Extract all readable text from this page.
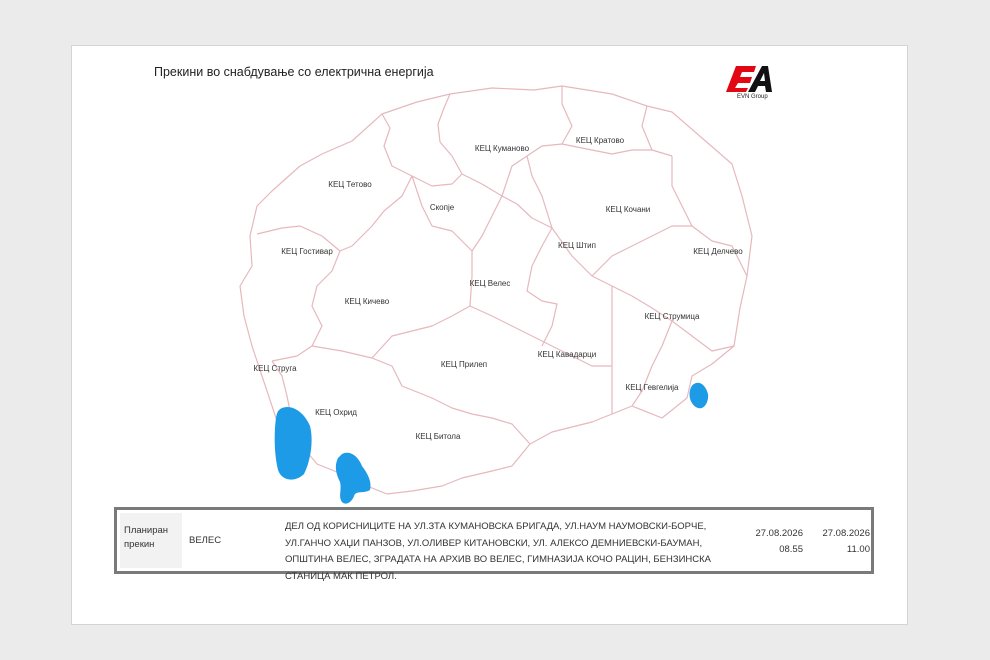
Прекини во снабдување со електрична енергија
EVN Group
КЕЦ Куманово
КЕЦ Кратово
КЕЦ Тетово
Скопје	КЕЦ Кочани
КЕЦ Гостивар
КЕЦ Штип
КЕЦ Делчево
КЕЦ Велес
КЕЦ Кичево
КЕЦ Струмица
КЕЦ Кавадарци
КЕЦ Прилеп
КЕЦ Струга
КЕЦ Гевгелија
КЕЦ Охрид
КЕЦ Битола
Планиран прекин	ВЕЛЕС
ДЕЛ ОД КОРИСНИЦИТЕ НА УЛ.ЗТА КУМАНОВСКА БРИГАДА, УЛ.НАУМ НАУМОВСКИ-БОРЧЕ, УЛ.ГАНЧО ХАЏИ ПАНЗОВ, УЛ.ОЛИВЕР КИТАНОВСКИ, УЛ. АЛЕКСО ДЕМНИЕВСКИ-БАУМАН, ОПШТИНА ВЕЛЕС, ЗГРАДАТА НА АРХИВ ВО ВЕЛЕС, ГИМНАЗИЈА КОЧО РАЦИН, БЕНЗИНСКА СТАНИЦА МАК ПЕТРОЛ.
27.08.2026
08.55
27.08.2026
11.00
